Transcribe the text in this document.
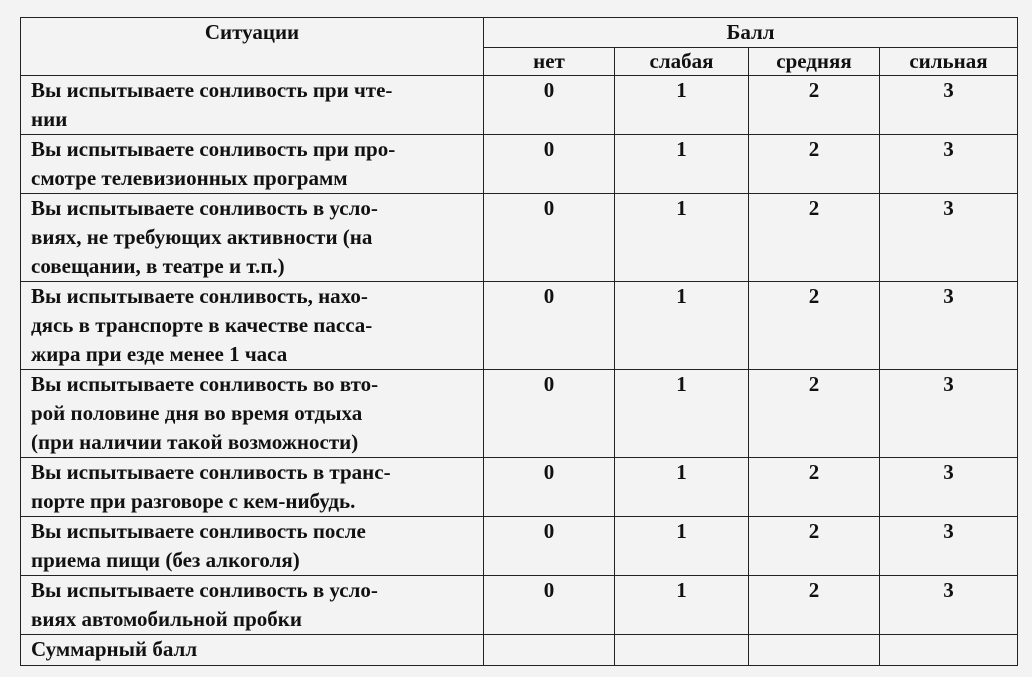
Ситуации	Балл			
	нет	слабая	средняя	сильная

Вы испытываете сонливость при чте-
нии	0	1	2	3

Вы испытываете сонливость при про-
смотре телевизионных программ	0	1	2	3

Вы испытываете сонливость в усло-
виях, не требующих активности (на
совещании, в театре и т.п.)	0	1	2	3

Вы испытываете сонливость, нахо-
дясь в транспорте в качестве пасса-
жира при езде менее 1 часа	0	1	2	3

Вы испытываете сонливость во вто-
рой половине дня во время отдыха
(при наличии такой возможности)	0	1	2	3

Вы испытываете сонливость в транс-
порте при разговоре с кем-нибудь.	0	1	2	3

Вы испытываете сонливость после
приема пищи (без алкоголя)	0	1	2	3

Вы испытываете сонливость в усло-
виях автомобильной пробки	0	1	2	3
Суммарный балл				
